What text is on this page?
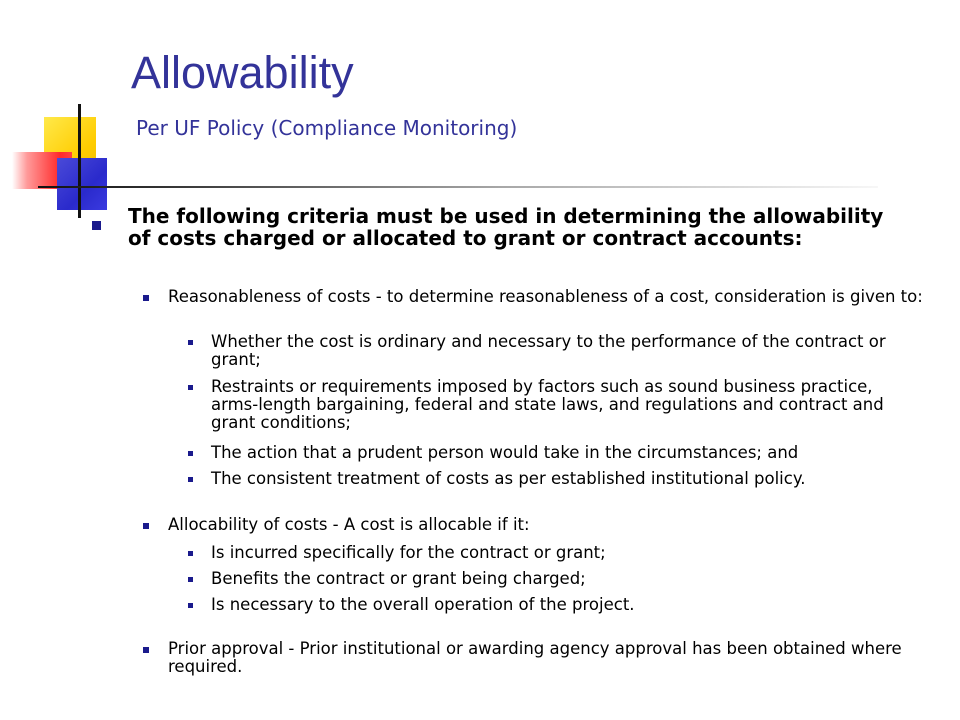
Allowability
Per UF Policy (Compliance Monitoring)
The following criteria must be used in determining the allowability of costs charged or allocated to grant or contract accounts:
Reasonableness of costs - to determine reasonableness of a cost, consideration is given to:
Whether the cost is ordinary and necessary to the performance of the contract or grant;
Restraints or requirements imposed by factors such as sound business practice, arms-length bargaining, federal and state laws, and regulations and contract and grant conditions;
The action that a prudent person would take in the circumstances; and
The consistent treatment of costs as per established institutional policy.
Allocability of costs - A cost is allocable if it:
Is incurred specifically for the contract or grant;
Benefits the contract or grant being charged;
Is necessary to the overall operation of the project.
Prior approval - Prior institutional or awarding agency approval has been obtained where required.
